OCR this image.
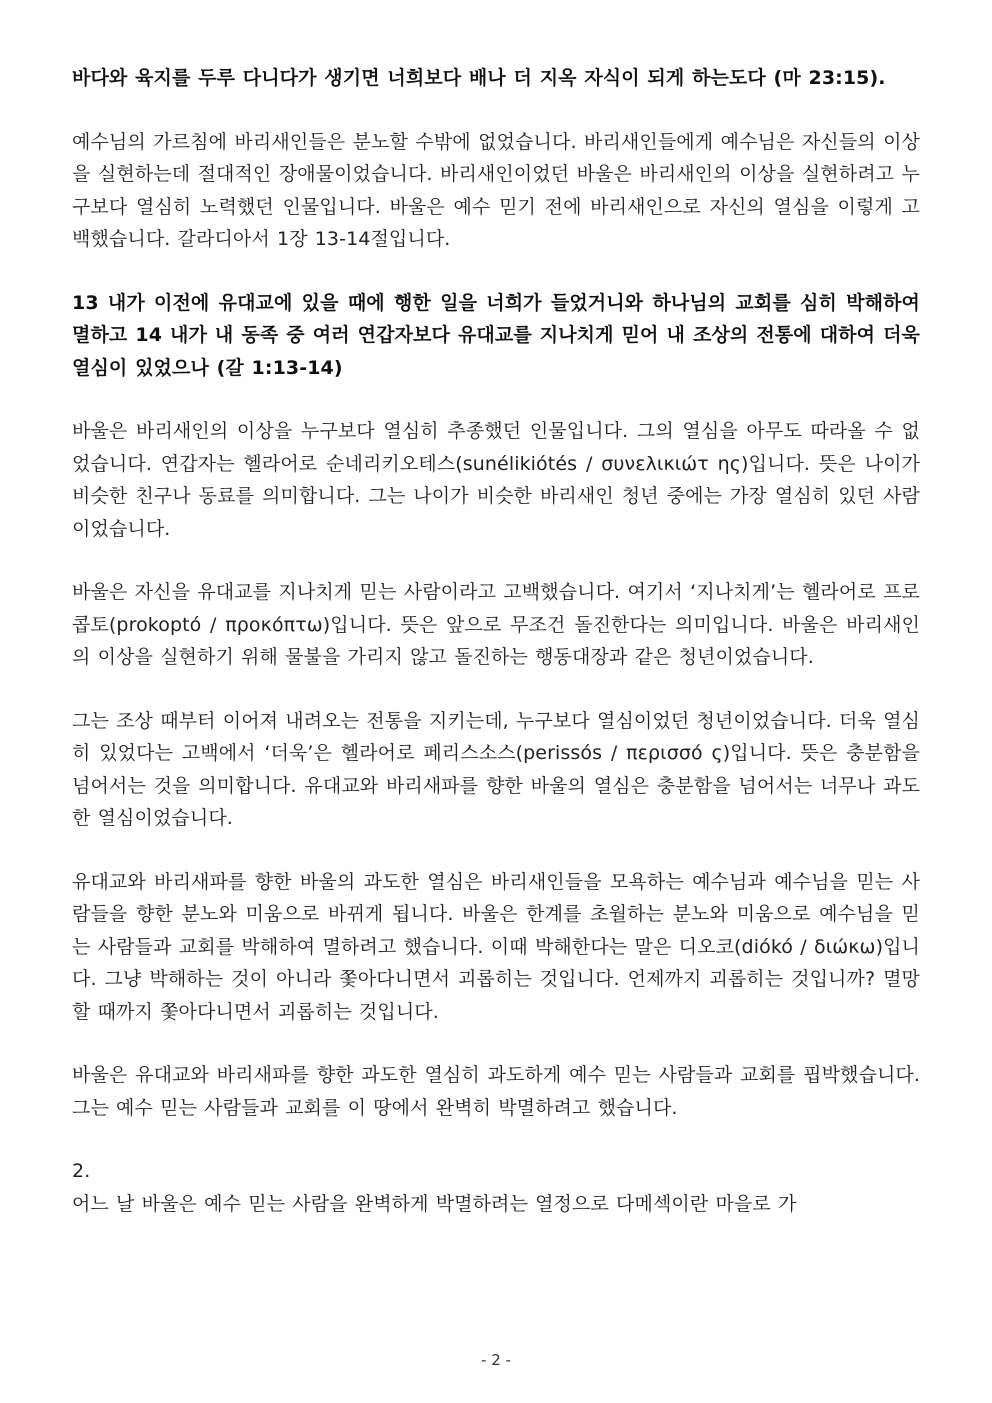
바다와 육지를 두루 다니다가 생기면 너희보다 배나 더 지옥 자식이 되게 하는도다 (마 23:15).

예수님의 가르침에 바리새인들은 분노할 수밖에 없었습니다. 바리새인들에게 예수님은 자신들의 이상을 실현하는데 절대적인 장애물이었습니다. 바리새인이었던 바울은 바리새인의 이상을 실현하려고 누구보다 열심히 노력했던 인물입니다. 바울은 예수 믿기 전에 바리새인으로 자신의 열심을 이렇게 고백했습니다. 갈라디아서 1장 13-14절입니다.

13 내가 이전에 유대교에 있을 때에 행한 일을 너희가 들었거니와 하나님의 교회를 심히 박해하여 멸하고 14 내가 내 동족 중 여러 연갑자보다 유대교를 지나치게 믿어 내 조상의 전통에 대하여 더욱 열심이 있었으나 (갈 1:13-14)

바울은 바리새인의 이상을 누구보다 열심히 추종했던 인물입니다. 그의 열심을 아무도 따라올 수 없었습니다. 연갑자는 헬라어로 순네리키오테스(sunélikiótés / συνελικιώτ ης)입니다. 뜻은 나이가 비슷한 친구나 동료를 의미합니다. 그는 나이가 비슷한 바리새인 청년 중에는 가장 열심히 있던 사람이었습니다.

바울은 자신을 유대교를 지나치게 믿는 사람이라고 고백했습니다. 여기서 ‘지나치게’는 헬라어로 프로콥토(prokoptó / προκόπτω)입니다. 뜻은 앞으로 무조건 돌진한다는 의미입니다. 바울은 바리새인의 이상을 실현하기 위해 물불을 가리지 않고 돌진하는 행동대장과 같은 청년이었습니다.

그는 조상 때부터 이어져 내려오는 전통을 지키는데, 누구보다 열심이었던 청년이었습니다. 더욱 열심히 있었다는 고백에서 ‘더욱’은 헬라어로 페리스소스(perissós / περισσό ς)입니다. 뜻은 충분함을 넘어서는 것을 의미합니다. 유대교와 바리새파를 향한 바울의 열심은 충분함을 넘어서는 너무나 과도한 열심이었습니다.

유대교와 바리새파를 향한 바울의 과도한 열심은 바리새인들을 모욕하는 예수님과 예수님을 믿는 사람들을 향한 분노와 미움으로 바뀌게 됩니다. 바울은 한계를 초월하는 분노와 미움으로 예수님을 믿는 사람들과 교회를 박해하여 멸하려고 했습니다. 이때 박해한다는 말은 디오코(diókó / διώκω)입니다. 그냥 박해하는 것이 아니라 쫓아다니면서 괴롭히는 것입니다. 언제까지 괴롭히는 것입니까? 멸망할 때까지 쫓아다니면서 괴롭히는 것입니다.

바울은 유대교와 바리새파를 향한 과도한 열심히 과도하게 예수 믿는 사람들과 교회를 핍박했습니다. 그는 예수 믿는 사람들과 교회를 이 땅에서 완벽히 박멸하려고 했습니다.

2.

어느 날 바울은 예수 믿는 사람을 완벽하게 박멸하려는 열정으로 다메섹이란 마을로 가

- 2 -
